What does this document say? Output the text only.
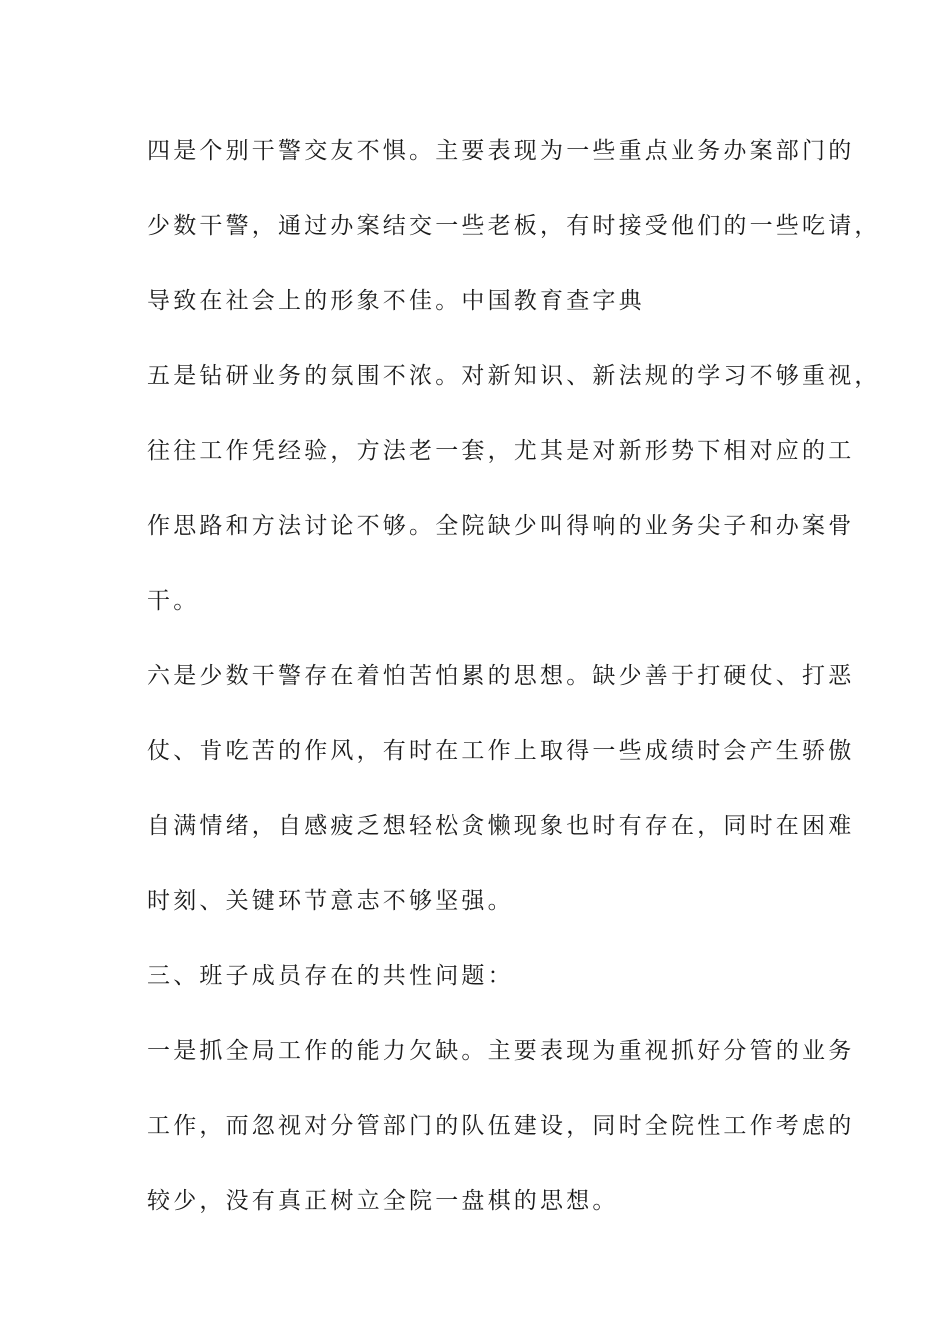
四是个别干警交友不惧。主要表现为一些重点业务办案部门的
少数干警，通过办案结交一些老板，有时接受他们的一些吃请，
导致在社会上的形象不佳。中国教育查字典
五是钻研业务的氛围不浓。对新知识、新法规的学习不够重视，
往往工作凭经验，方法老一套，尤其是对新形势下相对应的工
作思路和方法讨论不够。全院缺少叫得响的业务尖子和办案骨
干。
六是少数干警存在着怕苦怕累的思想。缺少善于打硬仗、打恶
仗、肯吃苦的作风，有时在工作上取得一些成绩时会产生骄傲
自满情绪，自感疲乏想轻松贪懒现象也时有存在，同时在困难
时刻、关键环节意志不够坚强。
三、班子成员存在的共性问题：
一是抓全局工作的能力欠缺。主要表现为重视抓好分管的业务
工作，而忽视对分管部门的队伍建设，同时全院性工作考虑的
较少，没有真正树立全院一盘棋的思想。
